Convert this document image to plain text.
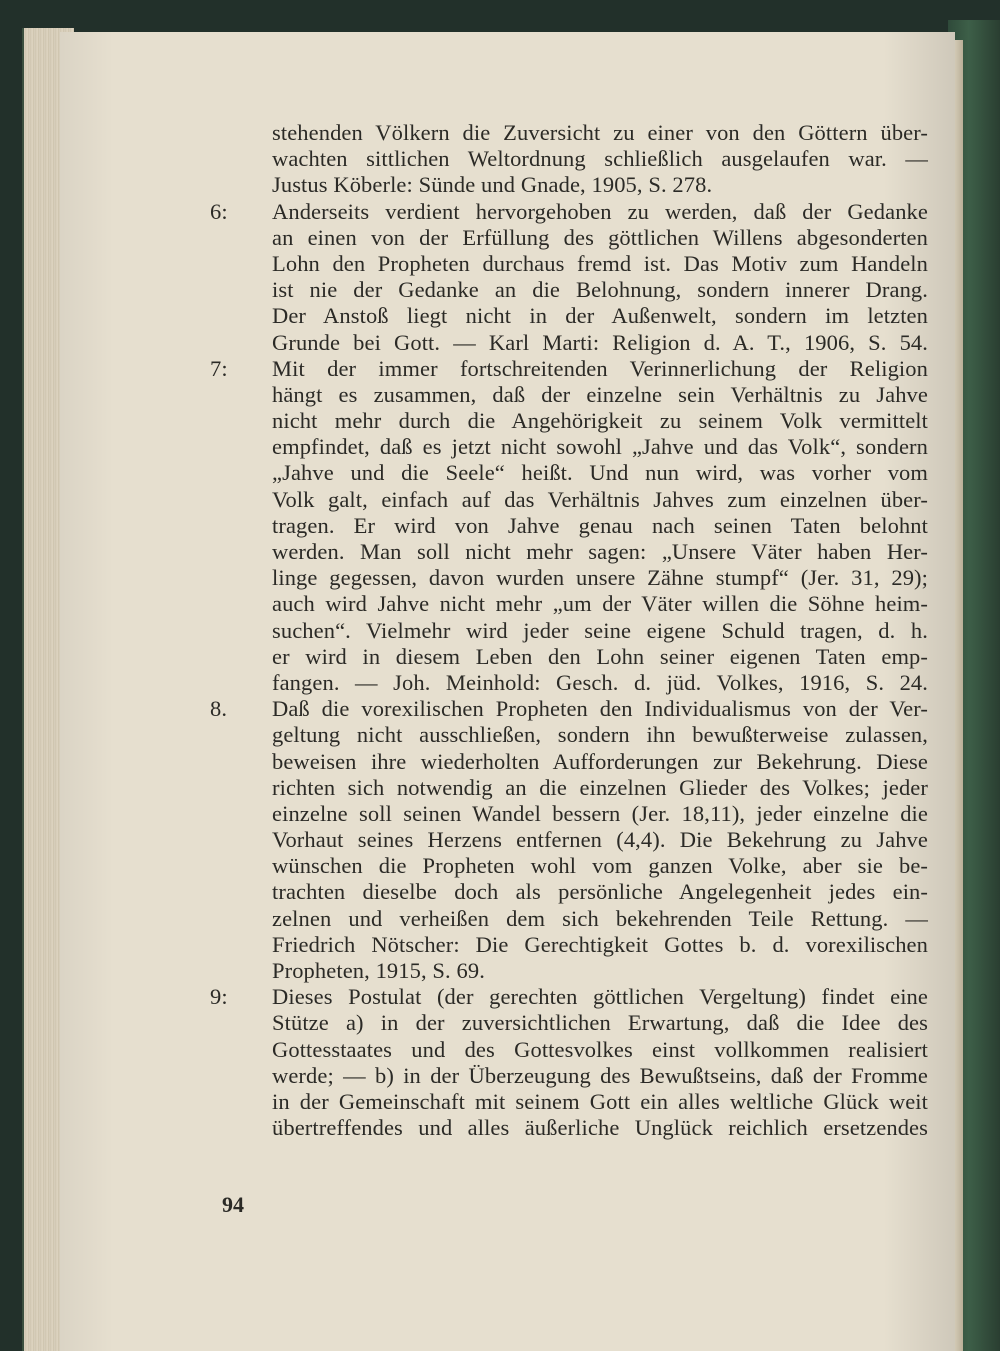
stehenden Völkern die Zuversicht zu einer von den Göttern über-
wachten sittlichen Weltordnung schließlich ausgelaufen war. —
Justus Köberle: Sünde und Gnade, 1905, S. 278.
6: Anderseits verdient hervorgehoben zu werden, daß der Gedanke
an einen von der Erfüllung des göttlichen Willens abgesonderten
Lohn den Propheten durchaus fremd ist. Das Motiv zum Handeln
ist nie der Gedanke an die Belohnung, sondern innerer Drang.
Der Anstoß liegt nicht in der Außenwelt, sondern im letzten
Grunde bei Gott. — Karl Marti: Religion d. A. T., 1906, S. 54.
7: Mit der immer fortschreitenden Verinnerlichung der Religion
hängt es zusammen, daß der einzelne sein Verhältnis zu Jahve
nicht mehr durch die Angehörigkeit zu seinem Volk vermittelt
empfindet, daß es jetzt nicht sowohl „Jahve und das Volk“, sondern
„Jahve und die Seele“ heißt. Und nun wird, was vorher vom
Volk galt, einfach auf das Verhältnis Jahves zum einzelnen über-
tragen. Er wird von Jahve genau nach seinen Taten belohnt
werden. Man soll nicht mehr sagen: „Unsere Väter haben Her-
linge gegessen, davon wurden unsere Zähne stumpf“ (Jer. 31, 29);
auch wird Jahve nicht mehr „um der Väter willen die Söhne heim-
suchen“. Vielmehr wird jeder seine eigene Schuld tragen, d. h.
er wird in diesem Leben den Lohn seiner eigenen Taten emp-
fangen. — Joh. Meinhold: Gesch. d. jüd. Volkes, 1916, S. 24.
8. Daß die vorexilischen Propheten den Individualismus von der Ver-
geltung nicht ausschließen, sondern ihn bewußterweise zulassen,
beweisen ihre wiederholten Aufforderungen zur Bekehrung. Diese
richten sich notwendig an die einzelnen Glieder des Volkes; jeder
einzelne soll seinen Wandel bessern (Jer. 18,11), jeder einzelne die
Vorhaut seines Herzens entfernen (4,4). Die Bekehrung zu Jahve
wünschen die Propheten wohl vom ganzen Volke, aber sie be-
trachten dieselbe doch als persönliche Angelegenheit jedes ein-
zelnen und verheißen dem sich bekehrenden Teile Rettung. —
Friedrich Nötscher: Die Gerechtigkeit Gottes b. d. vorexilischen
Propheten, 1915, S. 69.
9: Dieses Postulat (der gerechten göttlichen Vergeltung) findet eine
Stütze a) in der zuversichtlichen Erwartung, daß die Idee des
Gottesstaates und des Gottesvolkes einst vollkommen realisiert
werde; — b) in der Überzeugung des Bewußtseins, daß der Fromme
in der Gemeinschaft mit seinem Gott ein alles weltliche Glück weit
übertreffendes und alles äußerliche Unglück reichlich ersetzendes
94
